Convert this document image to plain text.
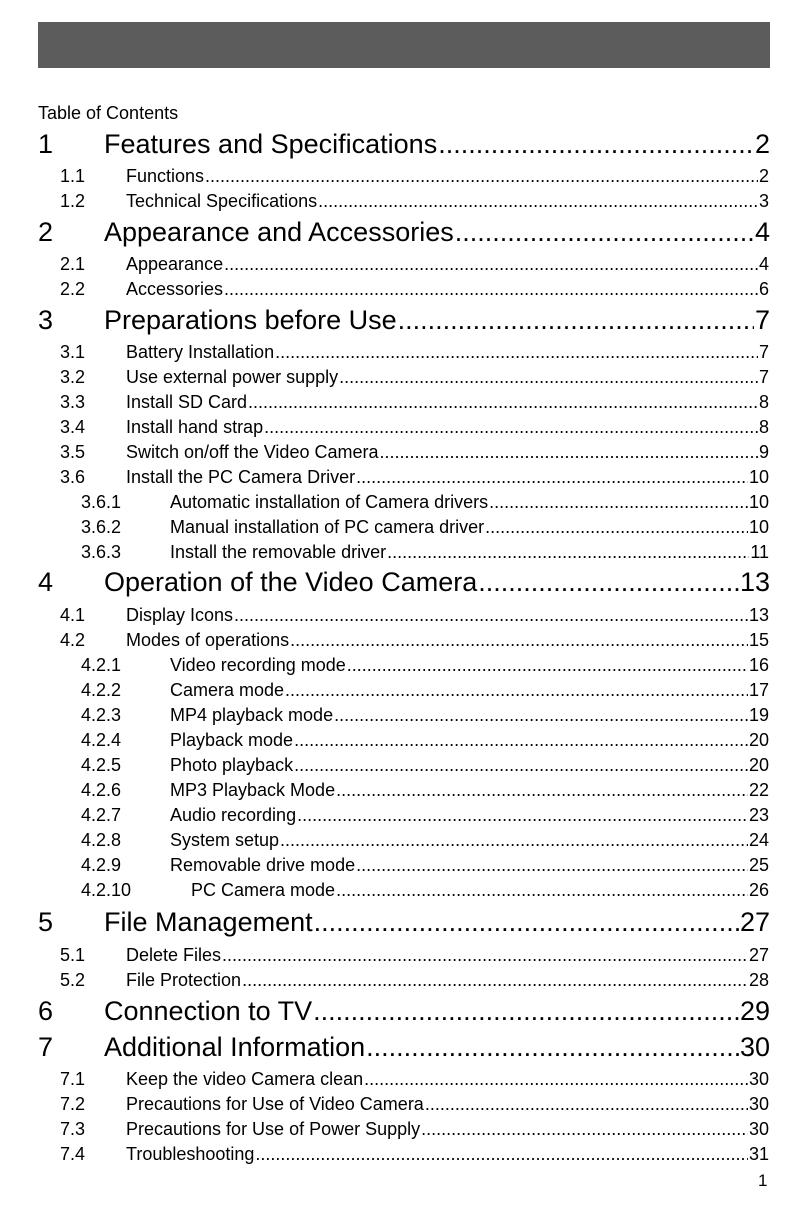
Table of Contents
1 Features and Specifications .....	2
1.1 Functions .....	2
1.2 Technical Specifications .....	3
2 Appearance and Accessories .....	4
2.1 Appearance .....	4
2.2 Accessories .....	6
3 Preparations before Use .....	7
3.1 Battery Installation .....	7
3.2 Use external power supply .....	7
3.3 Install SD Card .....	8
3.4 Install hand strap .....	8
3.5 Switch on/off the Video Camera .....	9
3.6 Install the PC Camera Driver .....	10
3.6.1	Automatic installation of Camera drivers .....	10
3.6.2	Manual installation of PC camera driver .....	10
3.6.3	Install the removable driver .....	11
4 Operation of the Video Camera .....	13
4.1 Display Icons .....	13
4.2 Modes of operations .....	15
4.2.1	Video recording mode .....	16
4.2.2	Camera mode .....	17
4.2.3	MP4 playback mode .....	19
4.2.4	Playback mode .....	20
4.2.5	Photo playback .....	20
4.2.6	MP3 Playback Mode .....	22
4.2.7	Audio recording .....	23
4.2.8	System setup .....	24
4.2.9	Removable drive mode .....	25
4.2.10	PC Camera mode .....	26
5 File Management .....	27
5.1 Delete Files .....	27
5.2 File Protection .....	28
6 Connection to TV .....	29
7 Additional Information .....	30
7.1 Keep the video Camera clean .....	30
7.2 Precautions for Use of Video Camera .....	30
7.3 Precautions for Use of Power Supply .....	30
7.4 Troubleshooting .....	31
1
